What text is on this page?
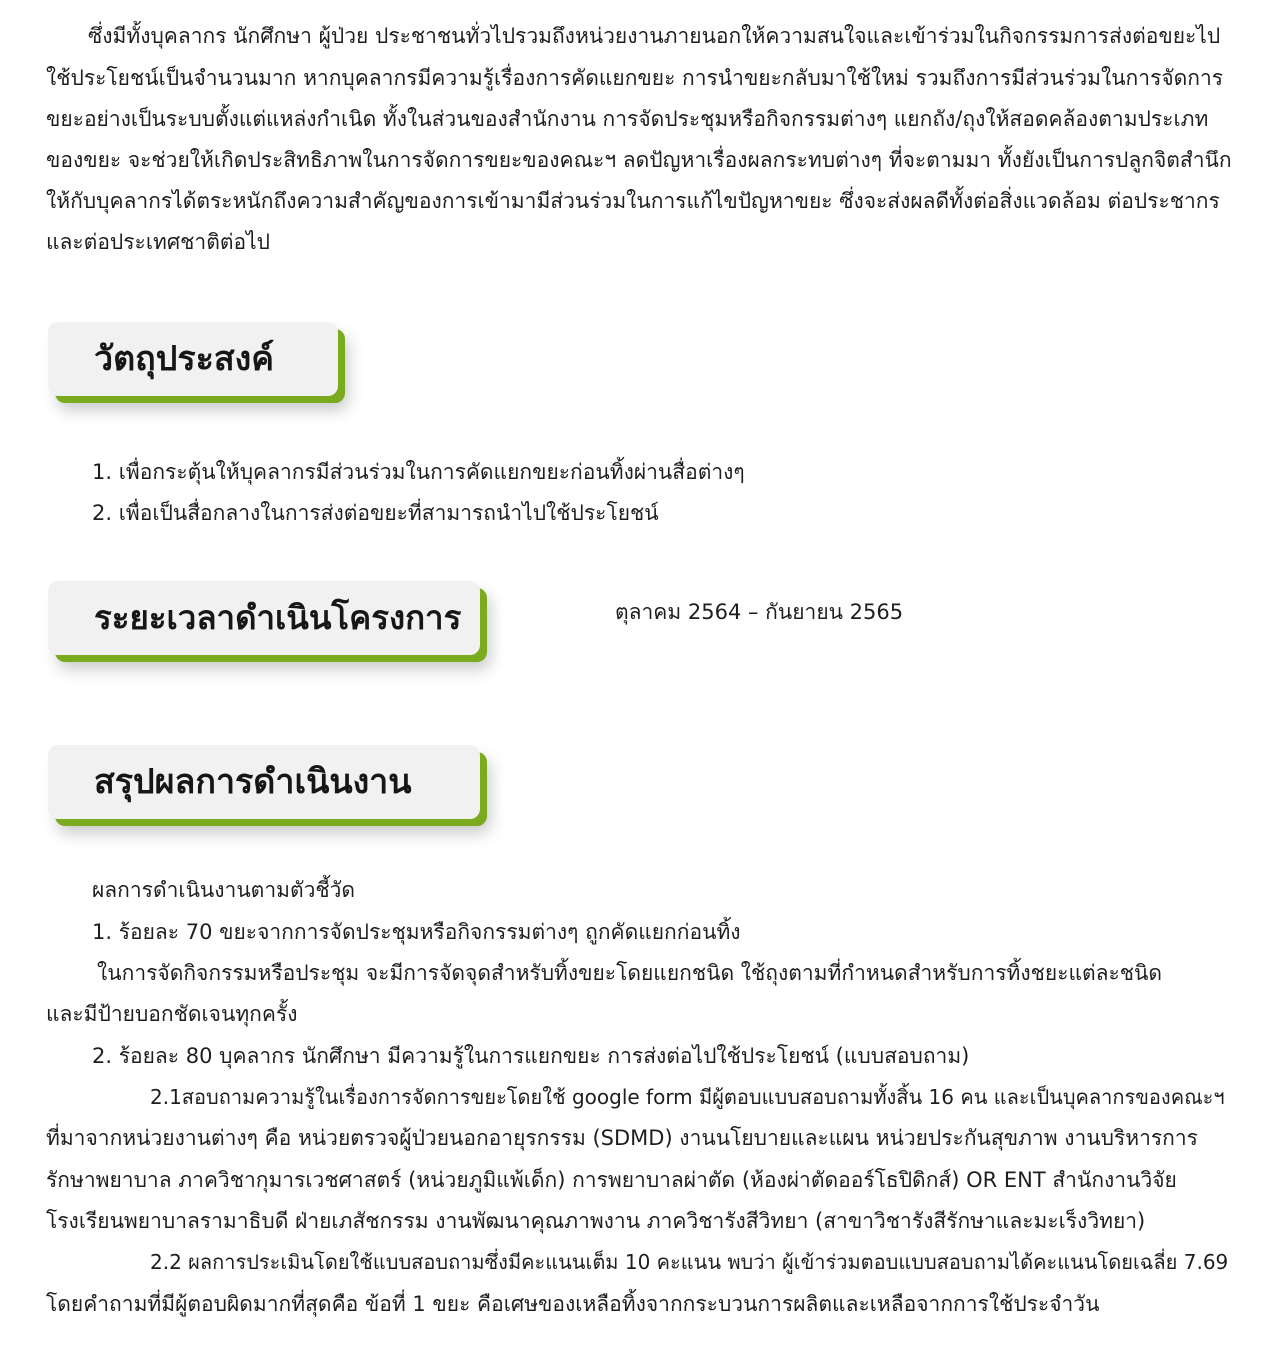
ซึ่งมีทั้งบุคลากร นักศึกษา ผู้ป่วย ประชาชนทั่วไปรวมถึงหน่วยงานภายนอกให้ความสนใจและเข้าร่วมในกิจกรรมการส่งต่อขยะไป

ใช้ประโยชน์เป็นจำนวนมาก หากบุคลากรมีความรู้เรื่องการคัดแยกขยะ การนำขยะกลับมาใช้ใหม่ รวมถึงการมีส่วนร่วมในการจัดการ

ขยะอย่างเป็นระบบตั้งแต่แหล่งกำเนิด ทั้งในส่วนของสำนักงาน การจัดประชุมหรือกิจกรรมต่างๆ แยกถัง/ถุงให้สอดคล้องตามประเภท

ของขยะ จะช่วยให้เกิดประสิทธิภาพในการจัดการขยะของคณะฯ ลดปัญหาเรื่องผลกระทบต่างๆ ที่จะตามมา ทั้งยังเป็นการปลูกจิตสำนึก

ให้กับบุคลากรได้ตระหนักถึงความสำคัญของการเข้ามามีส่วนร่วมในการแก้ไขปัญหาขยะ ซึ่งจะส่งผลดีทั้งต่อสิ่งแวดล้อม ต่อประชากร

และต่อประเทศชาติต่อไป

วัตถุประสงค์

1. เพื่อกระตุ้นให้บุคลากรมีส่วนร่วมในการคัดแยกขยะก่อนทิ้งผ่านสื่อต่างๆ

2. เพื่อเป็นสื่อกลางในการส่งต่อขยะที่สามารถนำไปใช้ประโยชน์

ระยะเวลาดำเนินโครงการ	ตุลาคม 2564 – กันยายน 2565

สรุปผลการดำเนินงาน

ผลการดำเนินงานตามตัวชี้วัด

1. ร้อยละ 70 ขยะจากการจัดประชุมหรือกิจกรรมต่างๆ ถูกคัดแยกก่อนทิ้ง

ในการจัดกิจกรรมหรือประชุม จะมีการจัดจุดสำหรับทิ้งขยะโดยแยกชนิด ใช้ถุงตามที่กำหนดสำหรับการทิ้งชยะแต่ละชนิด

และมีป้ายบอกชัดเจนทุกครั้ง

2. ร้อยละ 80 บุคลากร นักศึกษา มีความรู้ในการแยกขยะ การส่งต่อไปใช้ประโยชน์ (แบบสอบถาม)

2.1สอบถามความรู้ในเรื่องการจัดการขยะโดยใช้ google form มีผู้ตอบแบบสอบถามทั้งสิ้น 16 คน และเป็นบุคลากรของคณะฯ

ที่มาจากหน่วยงานต่างๆ คือ หน่วยตรวจผู้ป่วยนอกอายุรกรรม (SDMD) งานนโยบายและแผน หน่วยประกันสุขภาพ งานบริหารการ

รักษาพยาบาล ภาควิชากุมารเวชศาสตร์ (หน่วยภูมิแพ้เด็ก) การพยาบาลผ่าตัด (ห้องผ่าตัดออร์โธปิดิกส์) OR ENT สำนักงานวิจัย

โรงเรียนพยาบาลรามาธิบดี ฝ่ายเภสัชกรรม งานพัฒนาคุณภาพงาน ภาควิชารังสีวิทยา (สาขาวิชารังสีรักษาและมะเร็งวิทยา)

2.2 ผลการประเมินโดยใช้แบบสอบถามซึ่งมีคะแนนเต็ม 10 คะแนน พบว่า ผู้เข้าร่วมตอบแบบสอบถามได้คะแนนโดยเฉลี่ย 7.69

โดยคำถามที่มีผู้ตอบผิดมากที่สุดคือ ข้อที่ 1 ขยะ คือเศษของเหลือทิ้งจากกระบวนการผลิตและเหลือจากการใช้ประจำวัน
